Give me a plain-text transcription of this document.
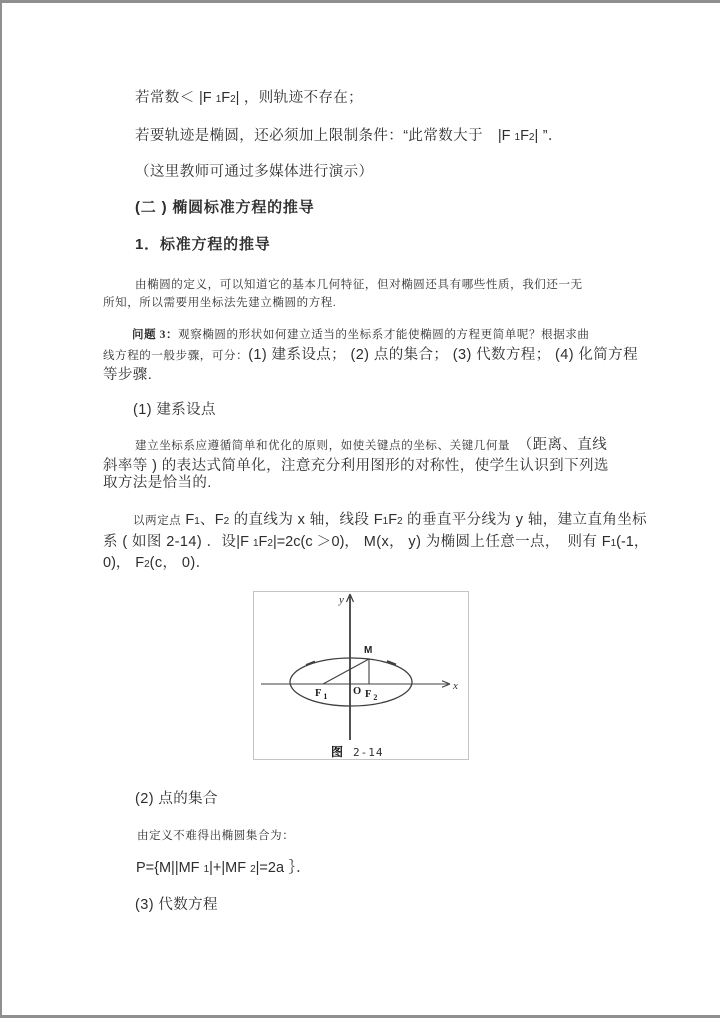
若常数＜ |F 1F2| ，则轨迹不存在；
若要轨迹是椭圆，还必须加上限制条件：“此常数大于　 |F 1F2| ”．
（这里教师可通过多媒体进行演示）
(二 ) 椭圆标准方程的推导
1．标准方程的推导
由椭圆的定义，可以知道它的基本几何特征，但对椭圆还具有哪些性质，我们还一无
所知，所以需要用坐标法先建立椭圆的方程.
问题 3：观察椭圆的形状如何建立适当的坐标系才能使椭圆的方程更简单呢？根据求曲
线方程的一般步骤，可分：(1) 建系设点； (2) 点的集合； (3) 代数方程； (4) 化简方程
等步骤.
(1) 建系设点
建立坐标系应遵循简单和优化的原则，如使关键点的坐标、关键几何量　（距离、直线
斜率等 ) 的表达式简单化，注意充分利用图形的对称性，使学生认识到下列选
取方法是恰当的.
以两定点 F1、F2 的直线为 x 轴，线段 F1F2 的垂直平分线为 y 轴，建立直角坐标
系 ( 如图 2-14) ．设|F 1F2|=2c(c ＞0)， M(x， y) 为椭圆上任意一点，　则有 F1(-1，
0)， F2(c， 0)．
(2) 点的集合
由定义不难得出椭圆集合为：
P={M||MF 1|+|MF 2|=2a ｝．
(3) 代数方程
y
x
M
F $_1$	F $_2$
O
图 2-14
